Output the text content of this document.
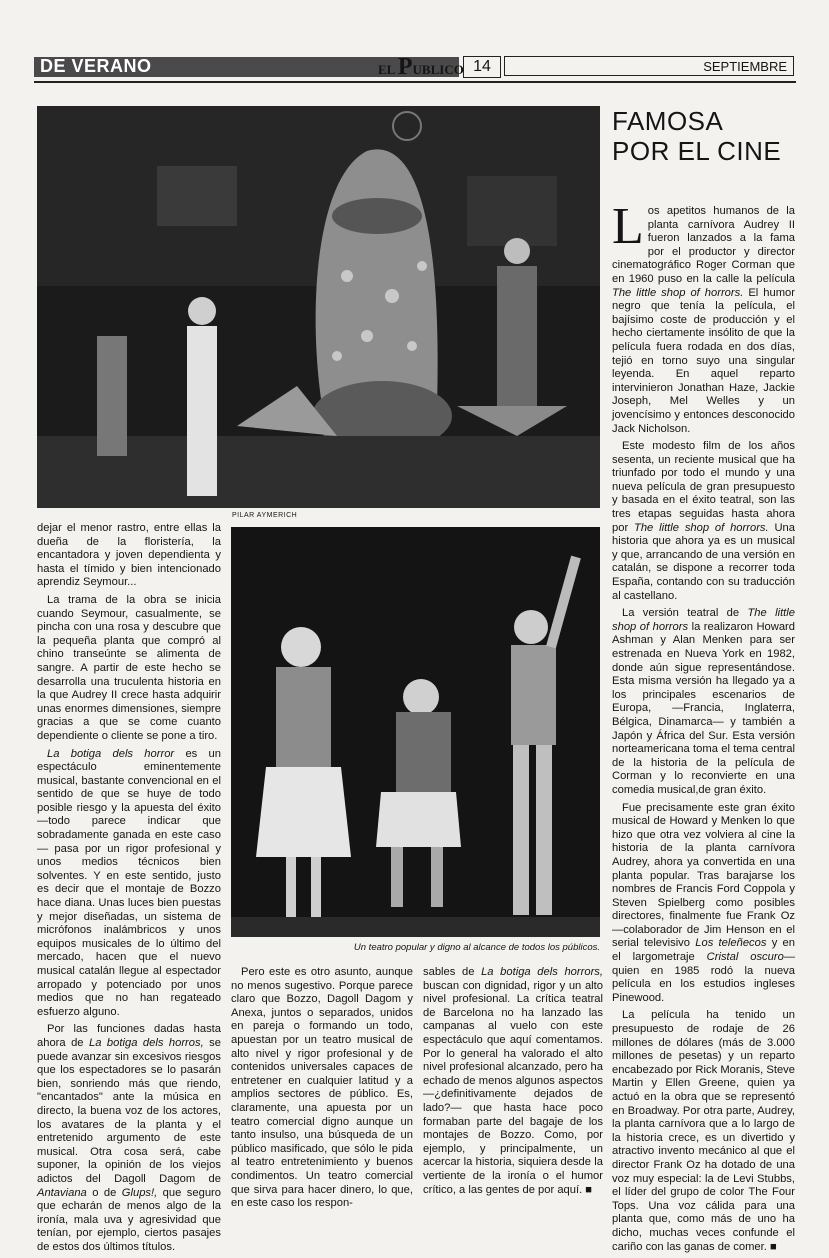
DE VERANO	EL PUBLICO 14	SEPTIEMBRE
PILAR AYMERICH
Un teatro popular y digno al alcance de todos los públicos.
FAMOSA
POR EL CINE

dejar el menor rastro, entre ellas la dueña de la floristería, la encantadora y joven dependienta y hasta el tímido y bien intencionado aprendiz Seymour...

La trama de la obra se inicia cuando Seymour, casualmente, se pincha con una rosa y descubre que la pequeña planta que compró al chino transeúnte se alimenta de sangre. A partir de este hecho se desarrolla una truculenta historia en la que Audrey II crece hasta adquirir unas enormes dimensiones, siempre gracias a que se come cuanto dependiente o cliente se pone a tiro.

La botiga dels horror es un espectáculo eminentemente musical, bastante convencional en el sentido de que se huye de todo posible riesgo y la apuesta del éxito —todo parece indicar que sobradamente ganada en este caso— pasa por un rigor profesional y unos medios técnicos bien solventes. Y en este sentido, justo es decir que el montaje de Bozzo hace diana. Unas luces bien puestas y mejor diseñadas, un sistema de micrófonos inalámbricos y unos equipos musicales de lo último del mercado, hacen que el nuevo musical catalán llegue al espectador arropado y potenciado por unos medios que no han regateado esfuerzo alguno.

Por las funciones dadas hasta ahora de La botiga dels horros, se puede avanzar sin excesivos riesgos que los espectadores se lo pasarán bien, sonriendo más que riendo, "encantados" ante la música en directo, la buena voz de los actores, los avatares de la planta y el entretenido argumento de este musical. Otra cosa será, cabe suponer, la opinión de los viejos adictos del Dagoll Dagom de Antaviana o de Glups!, que seguro que echarán de menos algo de la ironía, mala uva y agresividad que tenían, por ejemplo, ciertos pasajes de estos dos últimos títulos.

Pero este es otro asunto, aunque no menos sugestivo. Porque parece claro que Bozzo, Dagoll Dagom y Anexa, juntos o separados, unidos en pareja o formando un todo, apuestan por un teatro musical de alto nivel y rigor profesional y de contenidos universales capaces de entretener en cualquier latitud y a amplios sectores de público. Es, claramente, una apuesta por un teatro comercial digno aunque un tanto insulso, una búsqueda de un público masificado, que sólo le pida al teatro entretenimiento y buenos condimentos. Un teatro comercial que sirva para hacer dinero, lo que, en este caso los respon-

sables de La botiga dels horrors, buscan con dignidad, rigor y un alto nivel profesional. La crítica teatral de Barcelona no ha lanzado las campanas al vuelo con este espectáculo que aquí comentamos. Por lo general ha valorado el alto nivel profesional alcanzado, pero ha echado de menos algunos aspectos —¿definitivamente dejados de lado?— que hasta hace poco formaban parte del bagaje de los montajes de Bozzo. Como, por ejemplo, y principalmente, un acercar la historia, siquiera desde la vertiente de la ironía o el humor crítico, a las gentes de por aquí. ■

Los apetitos humanos de la planta carnívora Audrey II fueron lanzados a la fama por el productor y director cinematográfico Roger Corman que en 1960 puso en la calle la película The little shop of horrors. El humor negro que tenía la película, el bajísimo coste de producción y el hecho ciertamente insólito de que la película fuera rodada en dos días, tejió en torno suyo una singular leyenda. En aquel reparto intervinieron Jonathan Haze, Jackie Joseph, Mel Welles y un jovencísimo y entonces desconocido Jack Nicholson.

Este modesto film de los años sesenta, un reciente musical que ha triunfado por todo el mundo y una nueva película de gran presupuesto y basada en el éxito teatral, son las tres etapas seguidas hasta ahora por The little shop of horrors. Una historia que ahora ya es un musical y que, arrancando de una versión en catalán, se dispone a recorrer toda España, contando con su traducción al castellano.

La versión teatral de The little shop of horrors la realizaron Howard Ashman y Alan Menken para ser estrenada en Nueva York en 1982, donde aún sigue representándose. Esta misma versión ha llegado ya a los principales escenarios de Europa, —Francia, Inglaterra, Bélgica, Dinamarca— y también a Japón y África del Sur. Esta versión norteamericana toma el tema central de la historia de la película de Corman y lo reconvierte en una comedia musical,de gran éxito.

Fue precisamente este gran éxito musical de Howard y Menken lo que hizo que otra vez volviera al cine la historia de la planta carnívora Audrey, ahora ya convertida en una planta popular. Tras barajarse los nombres de Francis Ford Coppola y Steven Spielberg como posibles directores, finalmente fue Frank Oz —colaborador de Jim Henson en el serial televisivo Los teleñecos y en el largometraje Cristal oscuro— quien en 1985 rodó la nueva película en los estudios ingleses Pinewood.

La película ha tenido un presupuesto de rodaje de 26 millones de dólares (más de 3.000 millones de pesetas) y un reparto encabezado por Rick Moranis, Steve Martin y Ellen Greene, quien ya actuó en la obra que se representó en Broadway. Por otra parte, Audrey, la planta carnívora que a lo largo de la historia crece, es un divertido y atractivo invento mecánico al que el director Frank Oz ha dotado de una voz muy especial: la de Levi Stubbs, el líder del grupo de color The Four Tops. Una voz cálida para una planta que, como más de uno ha dicho, muchas veces confunde el cariño con las ganas de comer. ■
